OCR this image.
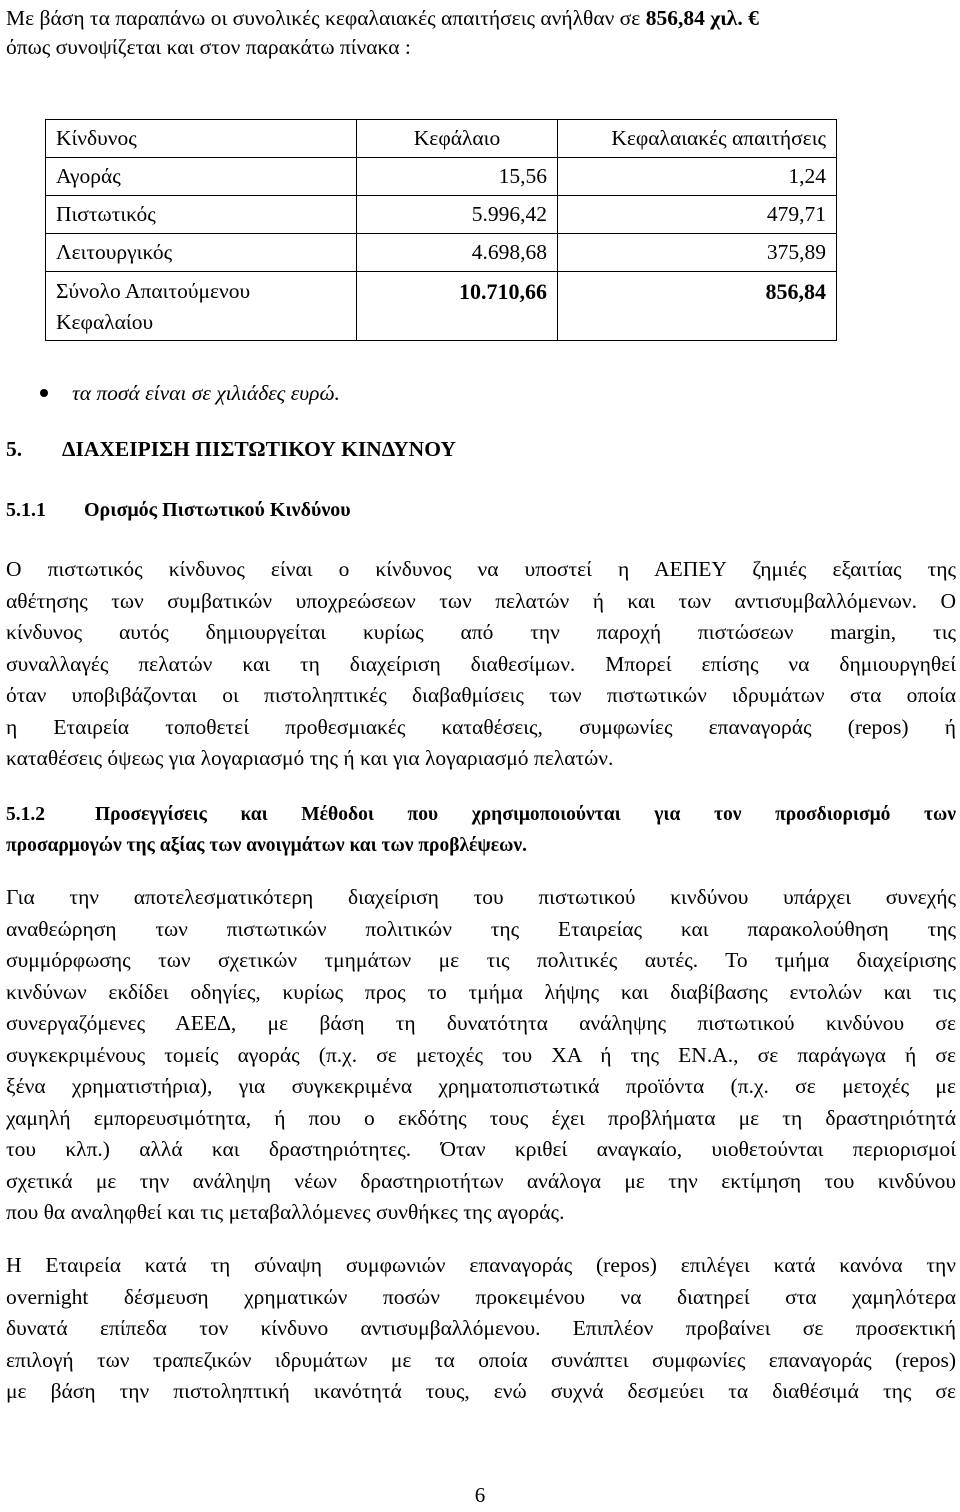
Με βάση τα παραπάνω οι συνολικές κεφαλαιακές απαιτήσεις ανήλθαν σε 856,84 χιλ. €
όπως συνοψίζεται και στον παρακάτω πίνακα :
Κίνδυνος	Κεφάλαιο	Κεφαλαιακές απαιτήσεις
Αγοράς	15,56	1,24
Πιστωτικός	5.996,42	479,71
Λειτουργικός	4.698,68	375,89
Σύνολο Απαιτούμενου
Κεφαλαίου	10.710,66	856,84
τα ποσά είναι σε χιλιάδες ευρώ.
5. ΔΙΑΧΕΙΡΙΣΗ ΠΙΣΤΩΤΙΚΟΥ ΚΙΝΔΥΝΟΥ
5.1.1 Ορισμός Πιστωτικού Κινδύνου
Ο πιστωτικός κίνδυνος είναι ο κίνδυνος να υποστεί η ΑΕΠΕΥ ζημιές εξαιτίας της
αθέτησης των συμβατικών υποχρεώσεων των πελατών ή και των αντισυμβαλλόμενων. Ο
κίνδυνος αυτός δημιουργείται κυρίως από την παροχή πιστώσεων margin, τις
συναλλαγές πελατών και τη διαχείριση διαθεσίμων. Μπορεί επίσης να δημιουργηθεί
όταν υποβιβάζονται οι πιστοληπτικές διαβαθμίσεις των πιστωτικών ιδρυμάτων στα οποία
η Εταιρεία τοποθετεί προθεσμιακές καταθέσεις, συμφωνίες επαναγοράς (repos) ή
καταθέσεις όψεως για λογαριασμό της ή και για λογαριασμό πελατών.
5.1.2	Προσεγγίσεις και Μέθοδοι που χρησιμοποιούνται για τον προσδιορισμό των
προσαρμογών της αξίας των ανοιγμάτων και των προβλέψεων.
Για την αποτελεσματικότερη διαχείριση του πιστωτικού κινδύνου υπάρχει συνεχής
αναθεώρηση των πιστωτικών πολιτικών της Εταιρείας και παρακολούθηση της
συμμόρφωσης των σχετικών τμημάτων με τις πολιτικές αυτές. Το τμήμα διαχείρισης
κινδύνων εκδίδει οδηγίες, κυρίως προς το τμήμα λήψης και διαβίβασης εντολών και τις
συνεργαζόμενες ΑΕΕΔ, με βάση τη δυνατότητα ανάληψης πιστωτικού κινδύνου σε
συγκεκριμένους τομείς αγοράς (π.χ. σε μετοχές του ΧΑ ή της ΕΝ.Α., σε παράγωγα ή σε
ξένα χρηματιστήρια), για συγκεκριμένα χρηματοπιστωτικά προϊόντα (π.χ. σε μετοχές με
χαμηλή εμπορευσιμότητα, ή που ο εκδότης τους έχει προβλήματα με τη δραστηριότητά
του κλπ.) αλλά και δραστηριότητες. Όταν κριθεί αναγκαίο, υιοθετούνται περιορισμοί
σχετικά με την ανάληψη νέων δραστηριοτήτων ανάλογα με την εκτίμηση του κινδύνου
που θα αναληφθεί και τις μεταβαλλόμενες συνθήκες της αγοράς.
Η Εταιρεία κατά τη σύναψη συμφωνιών επαναγοράς (repos) επιλέγει κατά κανόνα την
overnight δέσμευση χρηματικών ποσών προκειμένου να διατηρεί στα χαμηλότερα
δυνατά επίπεδα τον κίνδυνο αντισυμβαλλόμενου. Επιπλέον προβαίνει σε προσεκτική
επιλογή των τραπεζικών ιδρυμάτων με τα οποία συνάπτει συμφωνίες επαναγοράς (repos)
με βάση την πιστοληπτική ικανότητά τους, ενώ συχνά δεσμεύει τα διαθέσιμά της σε
6
